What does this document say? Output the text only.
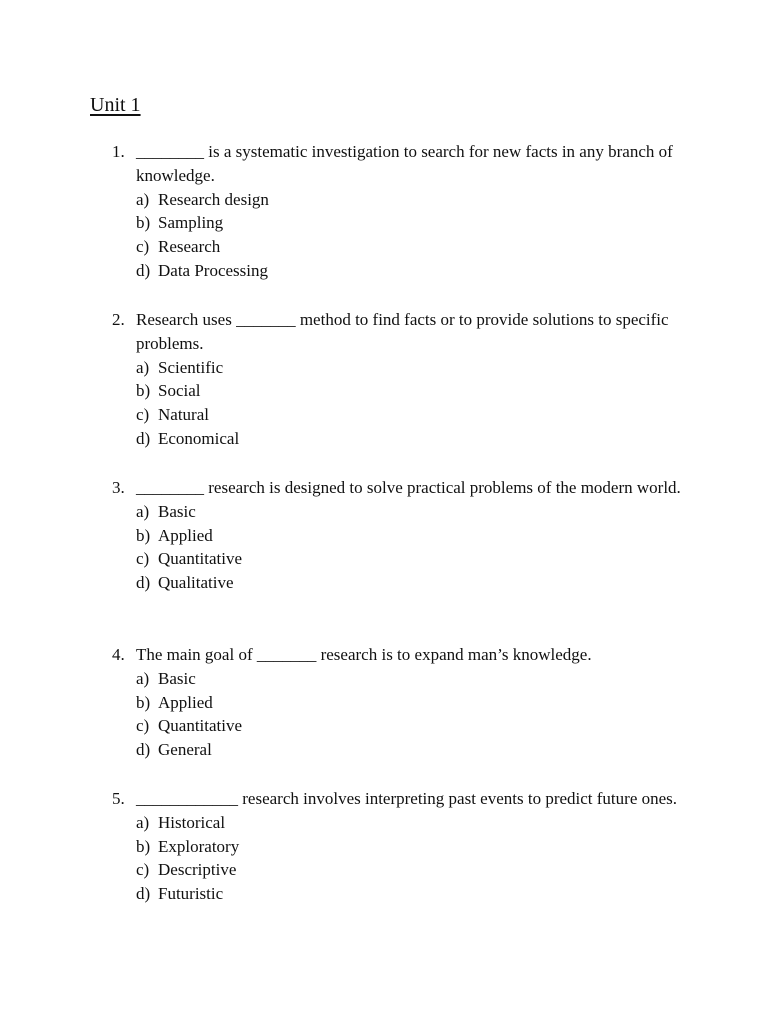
Unit 1
1. ________ is a systematic investigation to search for new facts in any branch of knowledge.
a) Research design
b) Sampling
c) Research
d) Data Processing
2. Research uses _______ method to find facts or to provide solutions to specific problems.
a) Scientific
b) Social
c) Natural
d) Economical
3. ________ research is designed to solve practical problems of the modern world.
a) Basic
b) Applied
c) Quantitative
d) Qualitative
4. The main goal of _______ research is to expand man’s knowledge.
a) Basic
b) Applied
c) Quantitative
d) General
5. ____________ research involves interpreting past events to predict future ones.
a) Historical
b) Exploratory
c) Descriptive
d) Futuristic
